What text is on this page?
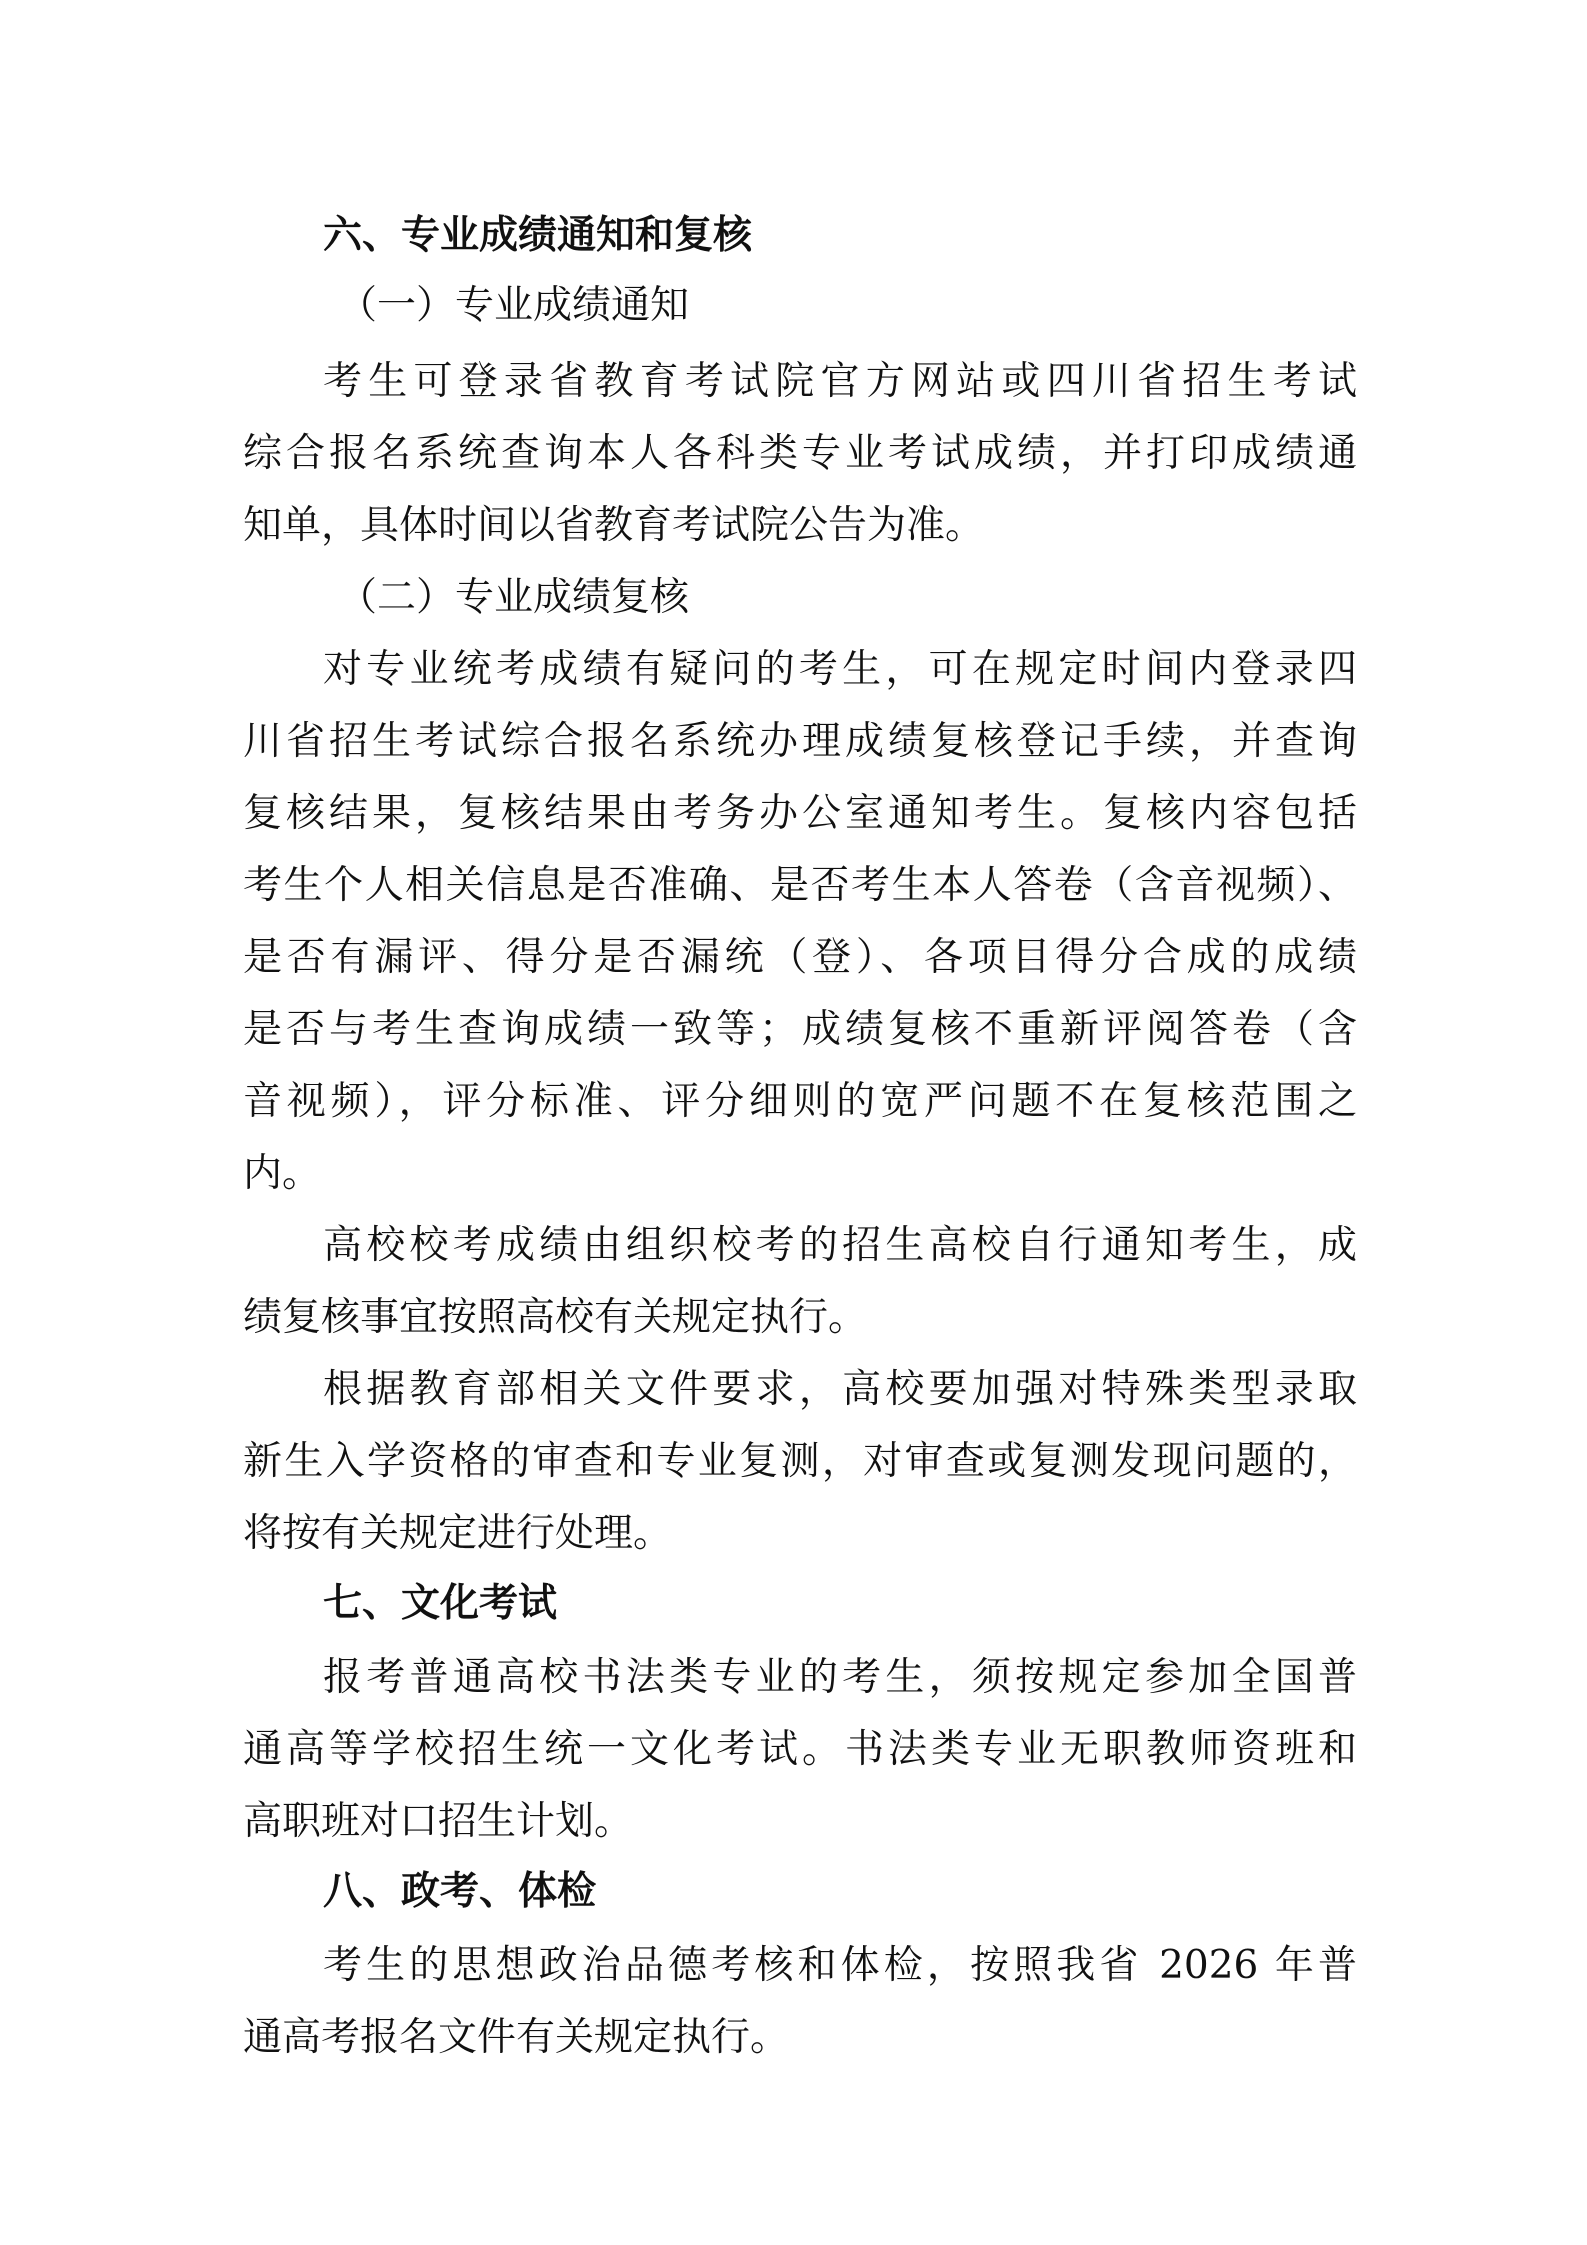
六、专业成绩通知和复核
（一）专业成绩通知
考生可登录省教育考试院官方网站或四川省招生考试
综合报名系统查询本人各科类专业考试成绩，并打印成绩通
知单，具体时间以省教育考试院公告为准。
（二）专业成绩复核
对专业统考成绩有疑问的考生，可在规定时间内登录四
川省招生考试综合报名系统办理成绩复核登记手续，并查询
复核结果，复核结果由考务办公室通知考生。复核内容包括
考生个人相关信息是否准确、是否考生本人答卷（含音视频）、
是否有漏评、得分是否漏统（登）、各项目得分合成的成绩
是否与考生查询成绩一致等；成绩复核不重新评阅答卷（含
音视频），评分标准、评分细则的宽严问题不在复核范围之
内。
高校校考成绩由组织校考的招生高校自行通知考生，成
绩复核事宜按照高校有关规定执行。
根据教育部相关文件要求，高校要加强对特殊类型录取
新生入学资格的审查和专业复测，对审查或复测发现问题的，
将按有关规定进行处理。
七、文化考试
报考普通高校书法类专业的考生，须按规定参加全国普
通高等学校招生统一文化考试。书法类专业无职教师资班和
高职班对口招生计划。
八、政考、体检
考生的思想政治品德考核和体检，按照我省 2026 年普
通高考报名文件有关规定执行。
